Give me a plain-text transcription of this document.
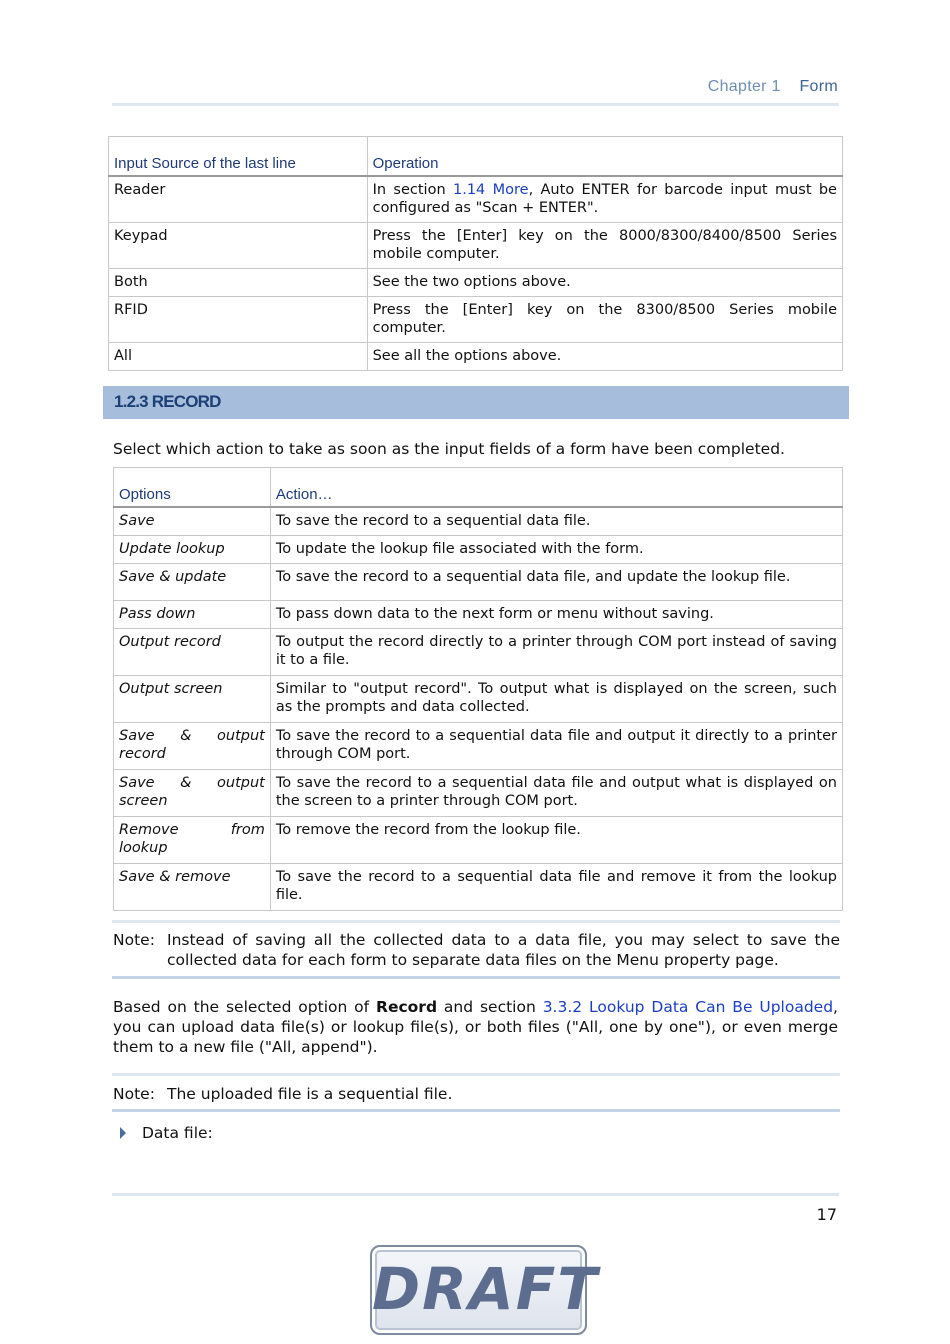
Chapter 1 Form
Input Source of the last line	Operation
Reader	In section 1.14 More, Auto ENTER for barcode input must be configured as "Scan + ENTER".
Keypad	Press the [Enter] key on the 8000/8300/8400/8500 Series mobile computer.
Both	See the two options above.
RFID	Press the [Enter] key on the 8300/8500 Series mobile computer.
All	See all the options above.
1.2.3 RECORD
Select which action to take as soon as the input fields of a form have been completed.
Options	Action…
Save	To save the record to a sequential data file.
Update lookup	To update the lookup file associated with the form.
Save & update	To save the record to a sequential data file, and update the lookup file.
Pass down	To pass down data to the next form or menu without saving.
Output record	To output the record directly to a printer through COM port instead of saving it to a file.
Output screen	Similar to "output record". To output what is displayed on the screen, such as the prompts and data collected.
Save & output record	To save the record to a sequential data file and output it directly to a printer through COM port.
Save & output screen	To save the record to a sequential data file and output what is displayed on the screen to a printer through COM port.
Remove from lookup	To remove the record from the lookup file.
Save & remove	To save the record to a sequential data file and remove it from the lookup file.
Note: Instead of saving all the collected data to a data file, you may select to save the collected data for each form to separate data files on the Menu property page.
Based on the selected option of Record and section 3.3.2 Lookup Data Can Be Uploaded, you can upload data file(s) or lookup file(s), or both files ("All, one by one"), or even merge them to a new file ("All, append").
Note: The uploaded file is a sequential file.
Data file:
17
DRAFT
